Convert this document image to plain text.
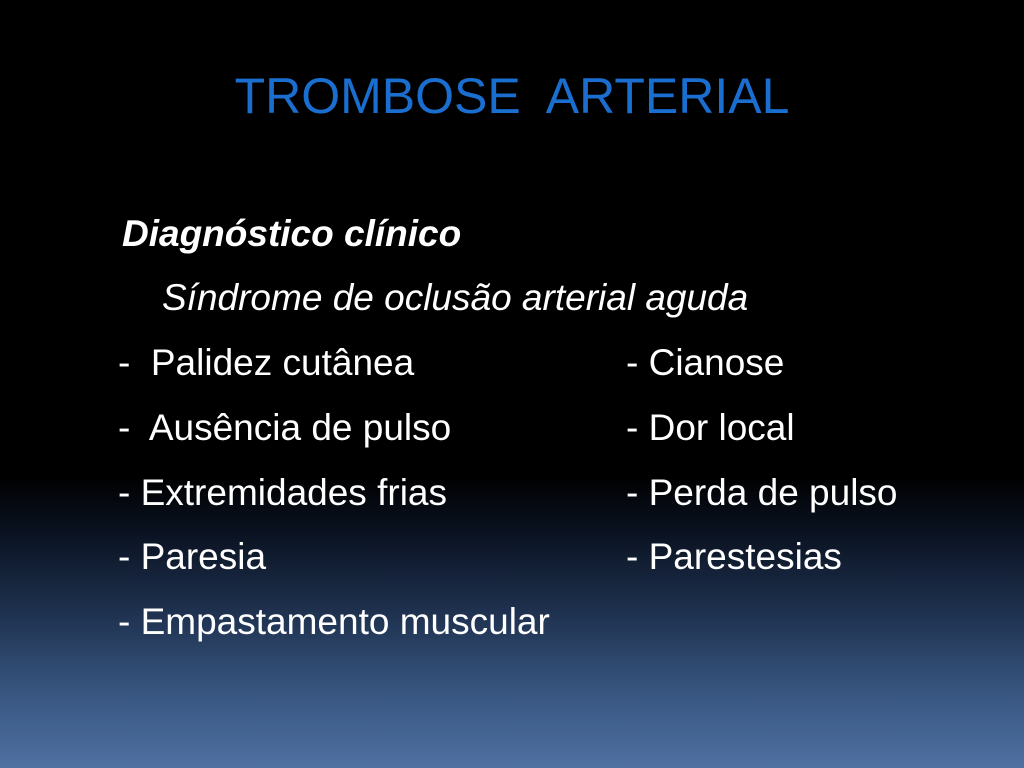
TROMBOSE  ARTERIAL
Diagnóstico clínico
Síndrome de oclusão arterial aguda
-  Palidez cutânea	- Cianose
-  Ausência de pulso	- Dor local
- Extremidades frias	- Perda de pulso
- Paresia	- Parestesias
- Empastamento muscular
